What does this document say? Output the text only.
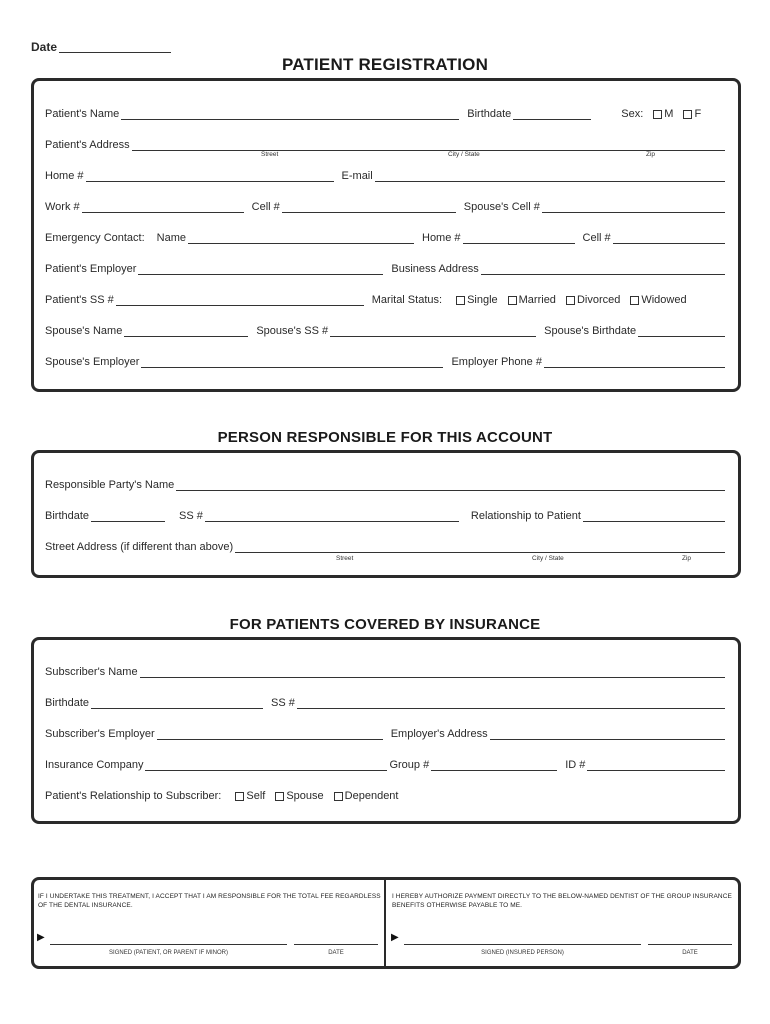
Date
PATIENT REGISTRATION
Patient's Name	Birthdate	Sex: M F
Patient's Address
Street	City / State	Zip
Home #	E-mail
Work #	Cell #	Spouse's Cell #
Emergency Contact: Name	Home #	Cell #
Patient's Employer	Business Address
Patient's SS #	Marital Status: Single Married Divorced Widowed
Spouse's Name	Spouse's SS #	Spouse's Birthdate
Spouse's Employer	Employer Phone #
PERSON RESPONSIBLE FOR THIS ACCOUNT
Responsible Party's Name
Birthdate	SS #	Relationship to Patient
Street Address (if different than above)
Street	City / State	Zip
FOR PATIENTS COVERED BY INSURANCE
Subscriber's Name
Birthdate	SS #
Subscriber's Employer	Employer's Address
Insurance Company	Group #	ID #
Patient's Relationship to Subscriber: Self Spouse Dependent
IF I UNDERTAKE THIS TREATMENT, I ACCEPT THAT I AM RESPONSIBLE FOR THE TOTAL FEE REGARDLESS OF THE DENTAL INSURANCE.
▶
SIGNED (PATIENT, OR PARENT IF MINOR)	DATE
I HEREBY AUTHORIZE PAYMENT DIRECTLY TO THE BELOW-NAMED DENTIST OF THE GROUP INSURANCE BENEFITS OTHERWISE PAYABLE TO ME.
▶
SIGNED (INSURED PERSON)	DATE
